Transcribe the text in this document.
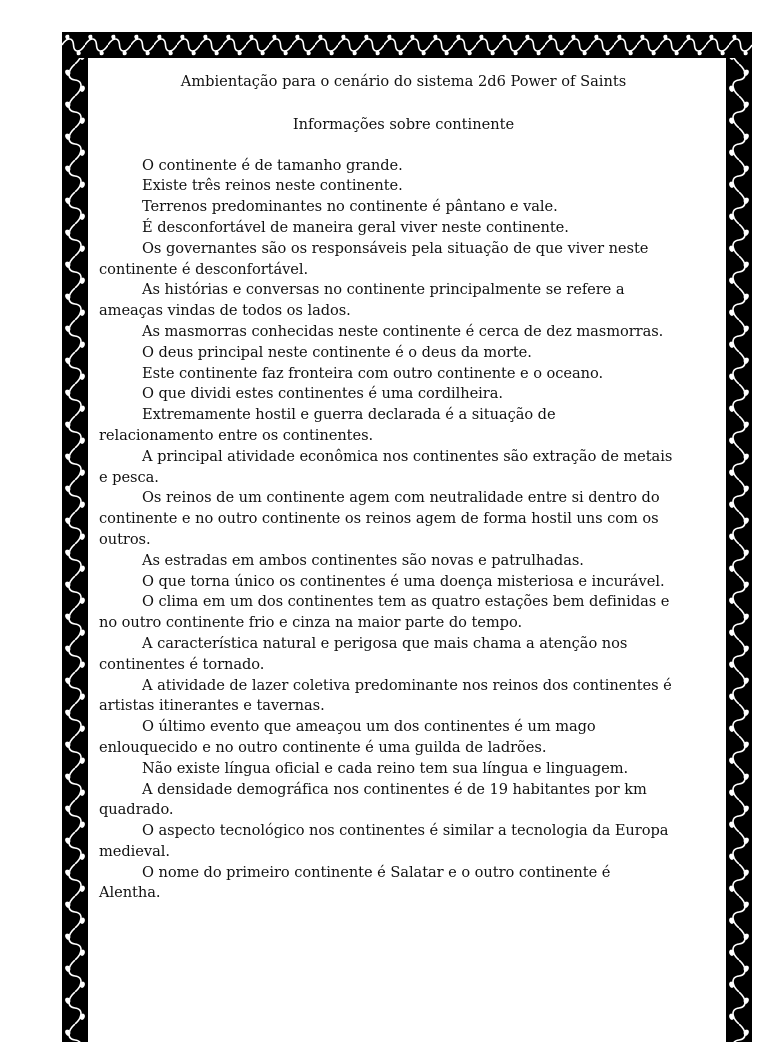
Ambientação para o cenário do sistema 2d6 Power of Saints

Informações sobre continente

O continente é de tamanho grande.

Existe três reinos neste continente.

Terrenos predominantes no continente é pântano e vale.

É desconfortável de maneira geral viver neste continente.

Os governantes são os responsáveis pela situação de que viver neste continente é desconfortável.

As histórias e conversas no continente principalmente se refere a ameaças vindas de todos os lados.

As masmorras conhecidas neste continente é cerca de dez masmorras.

O deus principal neste continente é o deus da morte.

Este continente faz fronteira com outro continente e o oceano.

O que dividi estes continentes é uma cordilheira.

Extremamente hostil e guerra declarada é a situação de relacionamento entre os continentes.

A principal atividade econômica nos continentes são extração de metais e pesca.

Os reinos de um continente agem com neutralidade entre si dentro do continente e no outro continente os reinos agem de forma hostil uns com os outros.

As estradas em ambos continentes são novas e patrulhadas.

O que torna único os continentes é uma doença misteriosa e incurável.

O clima em um dos continentes tem as quatro estações bem definidas e no outro continente frio e cinza na maior parte do tempo.

A característica natural e perigosa que mais chama a atenção nos continentes é tornado.

A atividade de lazer coletiva predominante nos reinos dos continentes é artistas itinerantes e tavernas.

O último evento que ameaçou um dos continentes é um mago enlouquecido e no outro continente é uma guilda de ladrões.

Não existe língua oficial e cada reino tem sua língua e linguagem.

A densidade demográfica nos continentes é de 19 habitantes por km quadrado.

O aspecto tecnológico nos continentes é similar a tecnologia da Europa medieval.

O nome do primeiro continente é Salatar e o outro continente é Alentha.
